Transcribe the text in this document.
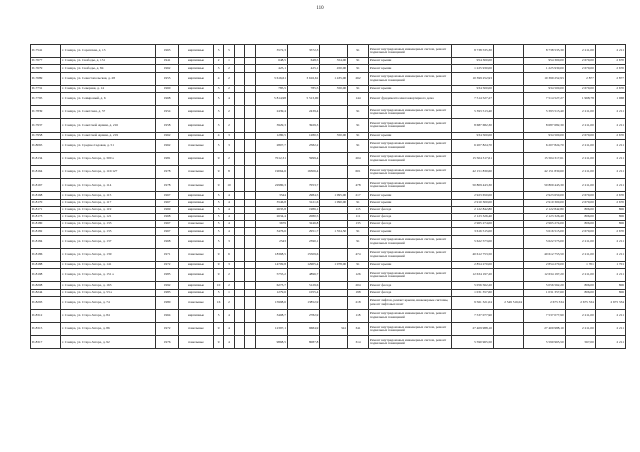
110
П-7541	г. Самара, ул. Сарапская, д. 13	1963	кирпичные	5	5			3572,3	3572,3		91	Ремонт внутридомовых инженерных систем, ремонт подвальных помещений	8 738 535,30		8 738 535,30	2 211,00	2 211
П-7677	г. Самара, ул. Свободы, д. 131	1941	кирпичные	2	1			648,5	648,5	354,00	91	Ремонт крыши	954 300,00		954 300,00	2 670,00	2 670
П-7679	г. Самара, ул. Свободы, д. 84	1962	кирпичные	3	2			425,1	425,1	450,00	91	Ремонт крыши	1 225 930,00		1 225 930,00	2 670,00	2 670
П-7689	г. Самара, ул. Севастопольская, д. 28	1955	кирпичные	4	2			3 616,61	3 616,61	1 435,00	262	Ремонт внутридомовых инженерных систем, ремонт подвальных помещений	10 399 252,93		10 399 252,93	2 877	2 877
П-7731	г. Самара, ул. Северная, д. 14	1960	кирпичные	3	2			785,5	785,5	350,00	91	Ремонт крыши	934 500,00		934 500,00	2 670,00	2 670
П-7795	г. Самара, ул. Севмроный, д. 6	1968	кирпичные	5	4			5 814,98	5 513,00		144	Ремонт фундамента многоквартирного дома	7 514 527,27		7 514 527,27	1 968,78	1 968
П-7839	г. Самара, ул. Советская, д. 57	1954	кирпичные	3	2			2439,4	2439,4		91	Ремонт внутридомовых инженерных систем, ремонт подвальных помещений	5 393 513,40		5 393 513,40	2 211,00	2 211
П-7937	г. Самара, ул. Советской Армии, д. 216	1958	кирпичные	3	2			3929,3	3929,3		91	Ремонт внутридомовых инженерных систем, ремонт подвальных помещений	8 687 682,30		8 687 682,30	2 211,00	2 211
П-7958	г. Самара, ул. Советской Армии, д. 219	1962	кирпичные	4	3			1280,5	1280,5	350,00	91	Ремонт крыши	934 500,00		934 500,00	2 670,00	2 670
П-8065	г. Самара, ул. Средне-Садовая, д. 51	1962	панельные	5	3			2807,7	2582,2		91	Ремонт внутридомовых инженерных систем, ремонт подвальных помещений	6 207 824,70		6 207 824,70	2 211,00	2 211
П-8134	г. Самара, ул. Старо-Загора, д. 300 а	1981	кирпичные	9	2			7012,31	5999,4		204	Ремонт внутридомовых инженерных систем, ремонт подвальных помещений	15 504 317,61		15 504 317,61	2 211,00	2 211
П-8164	г. Самара, ул. Старо-Загора, д. 110/127	1978	панельные	9	8			19064,6	16306,4		601	Ремонт внутридомовых инженерных систем, ремонт подвальных помещений	42 151 830,60		42 151 830,60	2 211,00	2 211
П-8167	г. Самара, ул. Старо-Загора, д. 114	1978	панельные	9	10			22980,3	7053,7		478	Ремонт внутридомовых инженерных систем, ремонт подвальных помещений	50 809 443,30		50 809 443,30	2 211,00	2 211
П-8168	г. Самара, ул. Старо-Загора, д. 115	1967	кирпичные	5	4			3544	2984,5	1 095,00	217	Ремонт крыши	2 923 650,00		2 923 650,00	2 670,00	2 670
П-8170	г. Самара, ул. Старо-Загора, д. 117	1967	кирпичные	5	4			3546,8	3121,6	1 090,00	91	Ремонт крыши	2 910 300,00		2 910 300,00	2 670,00	2 670
П-8171	г. Самара, ул. Старо-Загора, д. 119	1969	кирпичные	5	4			2635,8	1986,1		115	Ремонт фасада	2 122 842,80		2 122 842,80	806,00	806
П-8173	г. Самара, ул. Старо-Загора, д. 121	1968	кирпичные	5	4			2634,4	2080,5		111	Ремонт фасада	2 123 326,40		2 123 326,40	806,00	806
П-8180	г. Самара, ул. Старо-Загора, д. 133	1967	панельные	5	4			3679	3246,8		135	Ремонт фасада	2 965 274,00		2 965 274,00	806,00	806
П-8182	г. Самара, ул. Старо-Загора, д. 135	1967	кирпичные	5	4			3476,6	2951,7	1 354,50	91	Ремонт крыши	3 616 515,00		3 616 515,00	2 670,00	2 670
П-8184	г. Самара, ул. Старо-Загора, д. 137	1968	кирпичные	5	3			2543	2390,1		91	Ремонт внутридомовых инженерных систем, ремонт подвальных помещений	5 622 573,00		5 622 573,00	2 211,00	2 211
П-8186	г. Самара, ул. Старо-Загора, д. 139	1971	панельные	9	6			18368,5	15509,6		474	Ремонт внутридомовых инженерных систем, ремонт подвальных помещений	40 612 753,50		40 612 753,50	2 211,00	2 211
П-8188	г. Самара, ул. Старо-Загора, д. 141	1972	кирпичные	9	3			14709,8	12905,4	1 078,00	91	Ремонт крыши	2 854 270,00		2 854 270,00	1 701	1 701
П-8198	г. Самара, ул. Старо-Загора, д. 151 а	1985	кирпичные	9	2			5755,2	4896,7		126	Ремонт внутридомовых инженерных систем, ремонт подвальных помещений	12 634 197,20		12 634 197,20	2 211,00	2 211
П-8208	г. Самара, ул. Старо-Загора, д. 163	1992	кирпичные	10	2			6273,7	5129,6		204	Ремонт фасада	5 056 562,20		5 056 562,20	806,00	806
П-8244	г. Самара, ул. Старо-Загора, д. 53 а	1983	кирпичные	5	1			1279,6	1055,4		198	Ремонт фасада	1 031 357,60		1 031 357,60	806,00	806
П-8293	г. Самара, ул. Старо-Загора, д. 74	1980	панельные	16	2			15998,6	13852,9		218	Ремонт лифтов, ремонт крыши, инженерные системы, ремонт лифтовых шахт	9 561 321,04	2 549 516,04	2 675 334	2 675 334	2 675 334
П-8312	г. Самара, ул. Старо-Загора, д. 84	1964	кирпичные	5	4			3408,7	2782,9		118	Ремонт внутридомовых инженерных систем, ремонт подвальных помещений	7 537 077,90		7 537 077,90	2 211,00	2 211
П-8315	г. Самара, ул. Старо-Загора, д. 86	1972	панельные	9	4			12397,1	9684,9	341	341	Ремонт внутридомовых инженерных систем, ремонт подвальных помещений	27 409 988,10		27 409 988,10	2 211,00	2 211
П-8317	г. Самара, ул. Старо-Загора, д. 92	1976	панельные	9	4			9868,5	8087,8		314	Ремонт внутридомовых инженерных систем, ремонт подвальных помещений	5 590 965,50		5 590 965,50	567,00	2 211
